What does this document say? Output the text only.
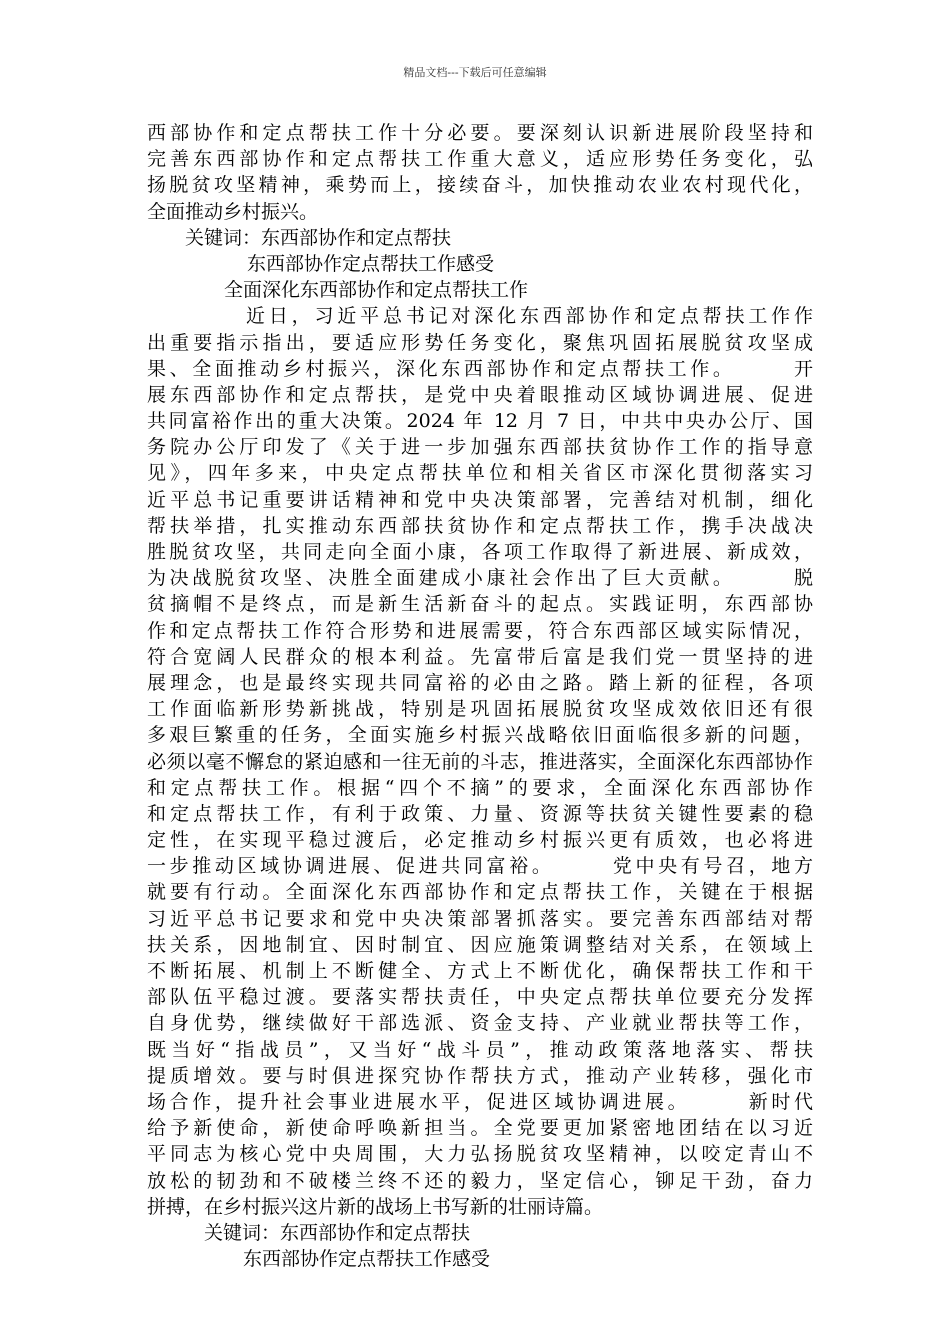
精品文档---下载后可任意编辑
西部协作和定点帮扶工作十分必要。要深刻认识新进展阶段坚持和
完善东西部协作和定点帮扶工作重大意义，适应形势任务变化，弘
扬脱贫攻坚精神，乘势而上，接续奋斗，加快推动农业农村现代化，
全面推动乡村振兴。
关键词：东西部协作和定点帮扶
东西部协作定点帮扶工作感受
全面深化东西部协作和定点帮扶工作
近日，习近平总书记对深化东西部协作和定点帮扶工作作
出重要指示指出，要适应形势任务变化，聚焦巩固拓展脱贫攻坚成
果、全面推动乡村振兴，深化东西部协作和定点帮扶工作。　　　开
展东西部协作和定点帮扶，是党中央着眼推动区域协调进展、促进
共同富裕作出的重大决策。2024 年 12 月 7 日，中共中央办公厅、国
务院办公厅印发了《关于进一步加强东西部扶贫协作工作的指导意
见》，四年多来，中央定点帮扶单位和相关省区市深化贯彻落实习
近平总书记重要讲话精神和党中央决策部署，完善结对机制，细化
帮扶举措，扎实推动东西部扶贫协作和定点帮扶工作，携手决战决
胜脱贫攻坚，共同走向全面小康，各项工作取得了新进展、新成效，
为决战脱贫攻坚、决胜全面建成小康社会作出了巨大贡献。　　　脱
贫摘帽不是终点，而是新生活新奋斗的起点。实践证明，东西部协
作和定点帮扶工作符合形势和进展需要，符合东西部区域实际情况，
符合宽阔人民群众的根本利益。先富带后富是我们党一贯坚持的进
展理念，也是最终实现共同富裕的必由之路。踏上新的征程，各项
工作面临新形势新挑战，特别是巩固拓展脱贫攻坚成效依旧还有很
多艰巨繁重的任务，全面实施乡村振兴战略依旧面临很多新的问题，
必须以毫不懈怠的紧迫感和一往无前的斗志，推进落实，全面深化东西部协作
和定点帮扶工作。根据“四个不摘”的要求，全面深化东西部协作
和定点帮扶工作，有利于政策、力量、资源等扶贫关键性要素的稳
定性，在实现平稳过渡后，必定推动乡村振兴更有质效，也必将进
一步推动区域协调进展、促进共同富裕。　　　党中央有号召，地方
就要有行动。全面深化东西部协作和定点帮扶工作，关键在于根据
习近平总书记要求和党中央决策部署抓落实。要完善东西部结对帮
扶关系，因地制宜、因时制宜、因应施策调整结对关系，在领域上
不断拓展、机制上不断健全、方式上不断优化，确保帮扶工作和干
部队伍平稳过渡。要落实帮扶责任，中央定点帮扶单位要充分发挥
自身优势，继续做好干部选派、资金支持、产业就业帮扶等工作，
既当好“指战员”，又当好“战斗员”，推动政策落地落实、帮扶
提质增效。要与时俱进探究协作帮扶方式，推动产业转移，强化市
场合作，提升社会事业进展水平，促进区域协调进展。　　　新时代
给予新使命，新使命呼唤新担当。全党要更加紧密地团结在以习近
平同志为核心党中央周围，大力弘扬脱贫攻坚精神，以咬定青山不
放松的韧劲和不破楼兰终不还的毅力，坚定信心，铆足干劲，奋力
拼搏，在乡村振兴这片新的战场上书写新的壮丽诗篇。
关键词：东西部协作和定点帮扶
东西部协作定点帮扶工作感受
